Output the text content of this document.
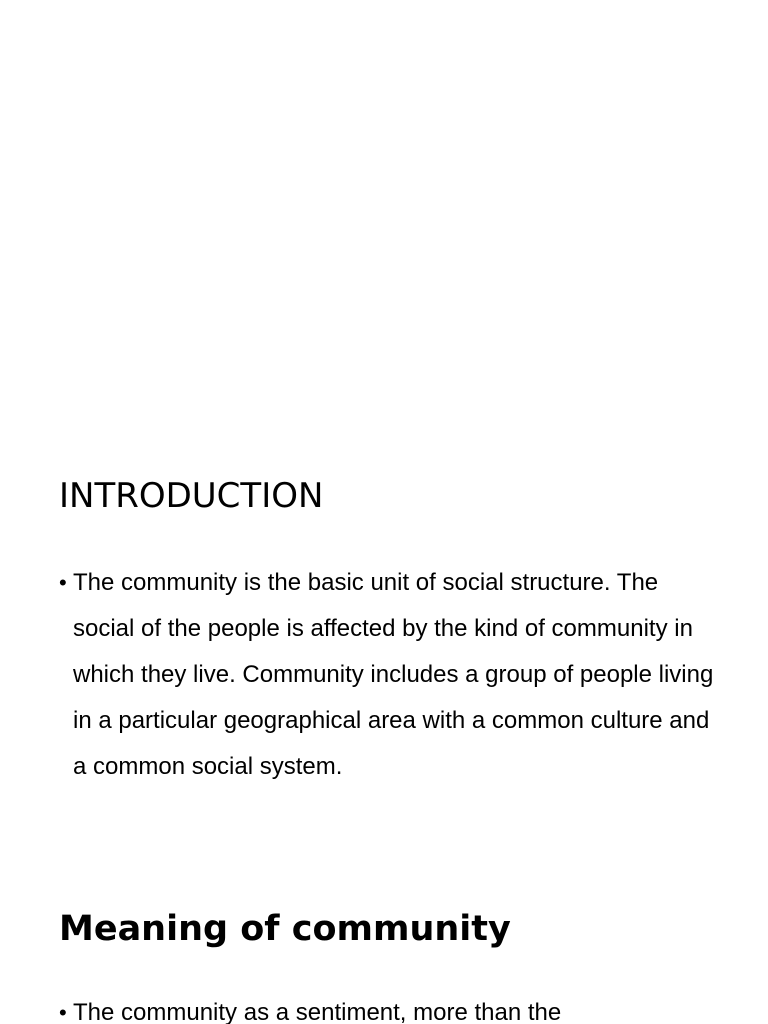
INTRODUCTION
• The community is the basic unit of social structure. The social of the people is affected by the kind of community in which they live. Community includes a group of people living in a particular geographical area with a common culture and a common social system.

Meaning of community
• The community as a sentiment, more than the
